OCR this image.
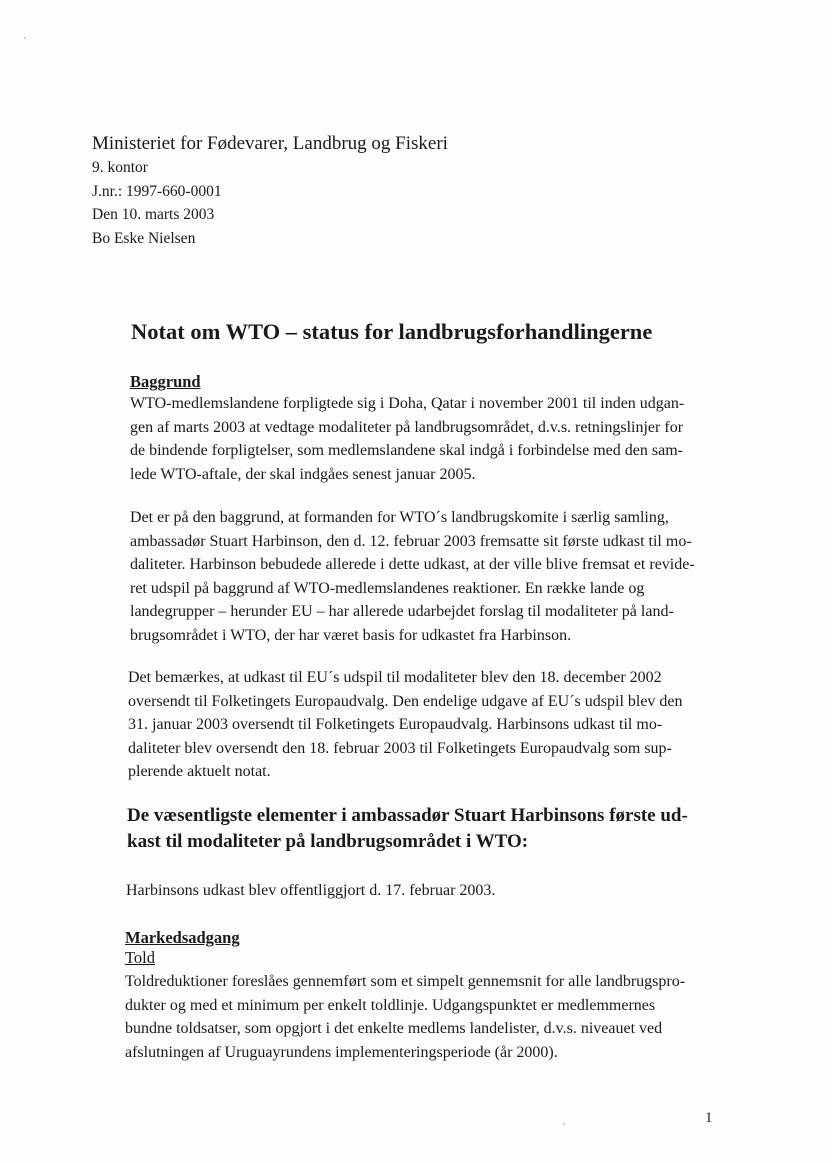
Ministeriet for Fødevarer, Landbrug og Fiskeri

9. kontor

J.nr.: 1997-660-0001

Den 10. marts 2003

Bo Eske Nielsen

Notat om WTO – status for landbrugsforhandlingerne

Baggrund

WTO-medlemslandene forpligtede sig i Doha, Qatar i november 2001 til inden udgan-
gen af marts 2003 at vedtage modaliteter på landbrugsområdet, d.v.s. retningslinjer for
de bindende forpligtelser, som medlemslandene skal indgå i forbindelse med den sam-
lede WTO-aftale, der skal indgåes senest januar 2005.

Det er på den baggrund, at formanden for WTO´s landbrugskomite i særlig samling,
ambassadør Stuart Harbinson, den d. 12. februar 2003 fremsatte sit første udkast til mo-
daliteter. Harbinson bebudede allerede i dette udkast, at der ville blive fremsat et revide-
ret udspil på baggrund af WTO-medlemslandenes reaktioner. En række lande og
landegrupper – herunder EU – har allerede udarbejdet forslag til modaliteter på land-
brugsområdet i WTO, der har været basis for udkastet fra Harbinson.

Det bemærkes, at udkast til EU´s udspil til modaliteter blev den 18. december 2002
oversendt til Folketingets Europaudvalg. Den endelige udgave af EU´s udspil blev den
31. januar 2003 oversendt til Folketingets Europaudvalg. Harbinsons udkast til mo-
daliteter blev oversendt den 18. februar 2003 til Folketingets Europaudvalg som sup-
plerende aktuelt notat.

De væsentligste elementer i ambassadør Stuart Harbinsons første ud-
kast til modaliteter på landbrugsområdet i WTO:

Harbinsons udkast blev offentliggjort d. 17. februar 2003.

Markedsadgang

Told

Toldreduktioner foreslåes gennemført som et simpelt gennemsnit for alle landbrugspro-
dukter og med et minimum per enkelt toldlinje. Udgangspunktet er medlemmernes
bundne toldsatser, som opgjort i det enkelte medlems landelister, d.v.s. niveauet ved
afslutningen af Uruguayrundens implementeringsperiode (år 2000).

1
